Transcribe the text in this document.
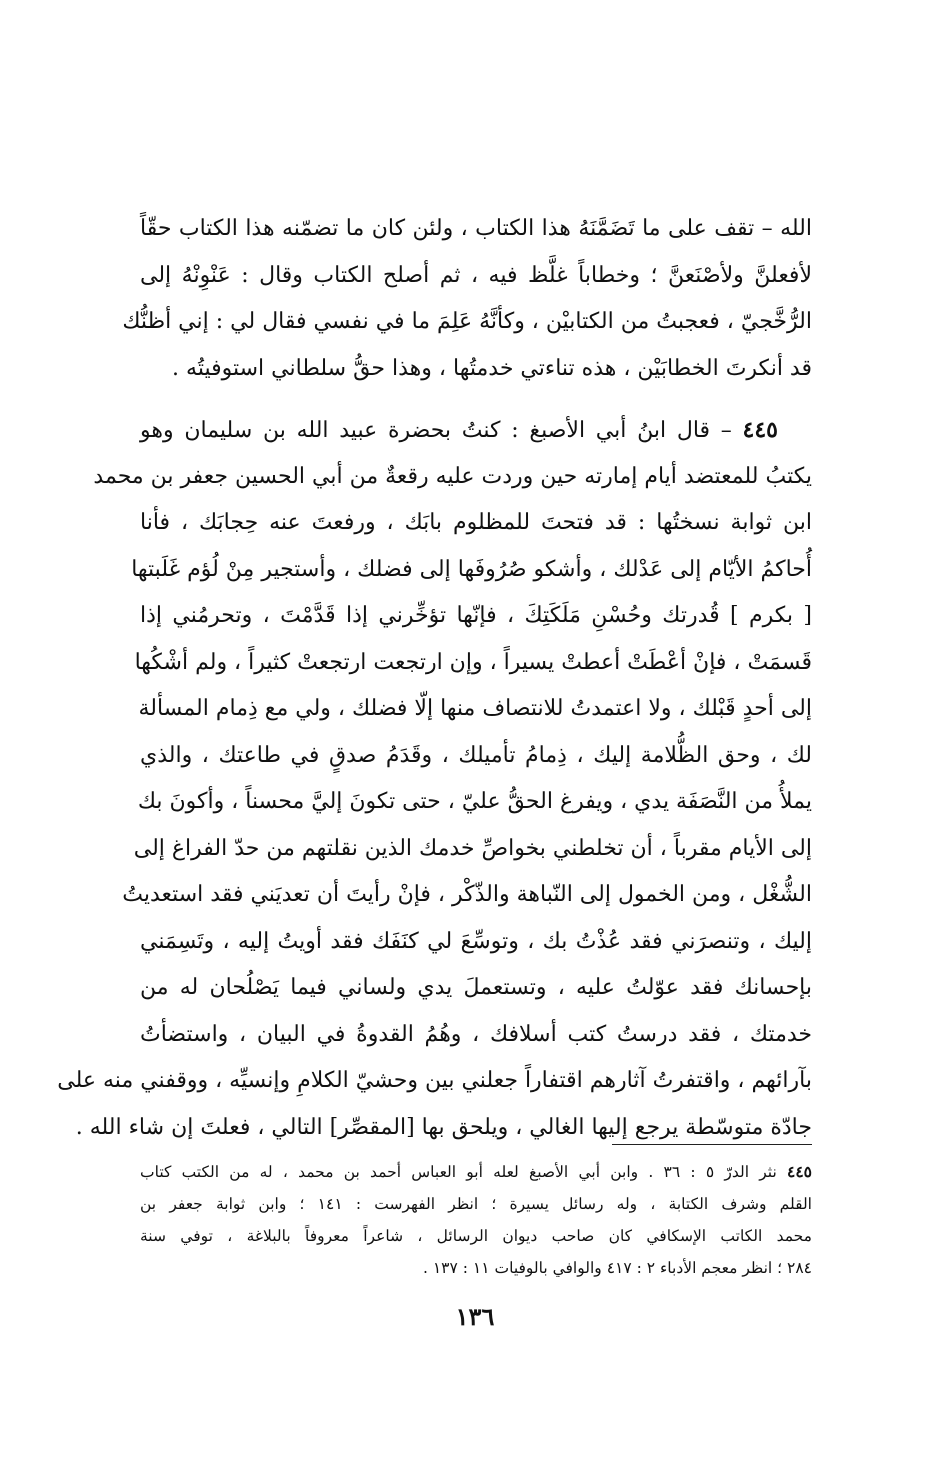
الله – تقف على ما تَضَمَّنَهُ هذا الكتاب ، ولئن كان ما تضمّنه هذا الكتاب حقّاً
لأفعلنَّ ولأصْنَعنَّ ؛ وخطاباً غلَّظ فيه ، ثم أصلح الكتاب وقال : عَنْوِنْهُ إلى
الرُّخَّجيّ ، فعجبتُ من الكتابيْن ، وكأنَّهُ عَلِمَ ما في نفسي فقال لي : إني أظنُّك
قد أنكرتَ الخطابَيْن ، هذه تناءتي خدمتُها ، وهذا حقُّ سلطاني استوفيتُه .
٤٤٥ – قال ابنُ أبي الأصبغ : كنتُ بحضرة عبيد الله بن سليمان وهو
يكتبُ للمعتضد أيام إمارته حين وردت عليه رقعةٌ من أبي الحسين جعفر بن محمد
ابن ثوابة نسختُها : قد فتحتَ للمظلوم بابَك ، ورفعتَ عنه حِجابَك ، فأنا
أُحاكمُ الأيّام إلى عَدْلك ، وأشكو صُرُوفَها إلى فضلك ، وأستجير مِنْ لُؤم غَلَبتها
[ بكرم ] قُدرتك وحُسْنِ مَلَكَتِكَ ، فإنّها تؤخِّرني إذا قَدَّمْتَ ، وتحرمُني إذا
قَسمَتْ ، فإنْ أعْطَتْ أعطتْ يسيراً ، وإن ارتجعت ارتجعتْ كثيراً ، ولم أشْكُها
إلى أحدٍ قَبْلك ، ولا اعتمدتُ للانتصاف منها إلّا فضلك ، ولي مع ذِمام المسألة
لك ، وحق الظُّلامة إليك ، ذِمامُ تأميلك ، وقَدَمُ صدقٍ في طاعتك ، والذي
يملأُ من النَّصَفَة يدي ، ويفرغ الحقُّ عليّ ، حتى تكونَ إليَّ محسناً ، وأكونَ بك
إلى الأيام مقرباً ، أن تخلطني بخواصِّ خدمك الذين نقلتهم من حدّ الفراغ إلى
الشُّغْل ، ومن الخمول إلى النّباهة والذّكْر ، فإنْ رأيتَ أن تعديَني فقد استعديتُ
إليك ، وتنصرَني فقد عُذْتُ بك ، وتوسِّعَ لي كنَفَك فقد أويتُ إليه ، وتَسِمَني
بإحسانك فقد عوّلتُ عليه ، وتستعملَ يدي ولساني فيما يَصْلُحان له من
خدمتك ، فقد درستُ كتب أسلافك ، وهُمُ القدوةُ في البيان ، واستضأتُ
بآرائهم ، واقتفرتُ آثارهم اقتفاراً جعلني بين وحشيّ الكلامِ وإنسيِّه ، ووقفني منه على
جادّة متوسّطة يرجع إليها الغالي ، ويلحق بها [المقصِّر] التالي ، فعلتَ إن شاء الله .
٤٤٥ نثر الدرّ ٥ : ٣٦ . وابن أبي الأصبغ لعله أبو العباس أحمد بن محمد ، له من الكتب كتاب
القلم وشرف الكتابة ، وله رسائل يسيرة ؛ انظر الفهرست : ١٤١ ؛ وابن ثوابة جعفر بن
محمد الكاتب الإسكافي كان صاحب ديوان الرسائل ، شاعراً معروفاً بالبلاغة ، توفي سنة
٢٨٤ ؛ انظر معجم الأدباء ٢ : ٤١٧ والوافي بالوفيات ١١ : ١٣٧ .
١٣٦
